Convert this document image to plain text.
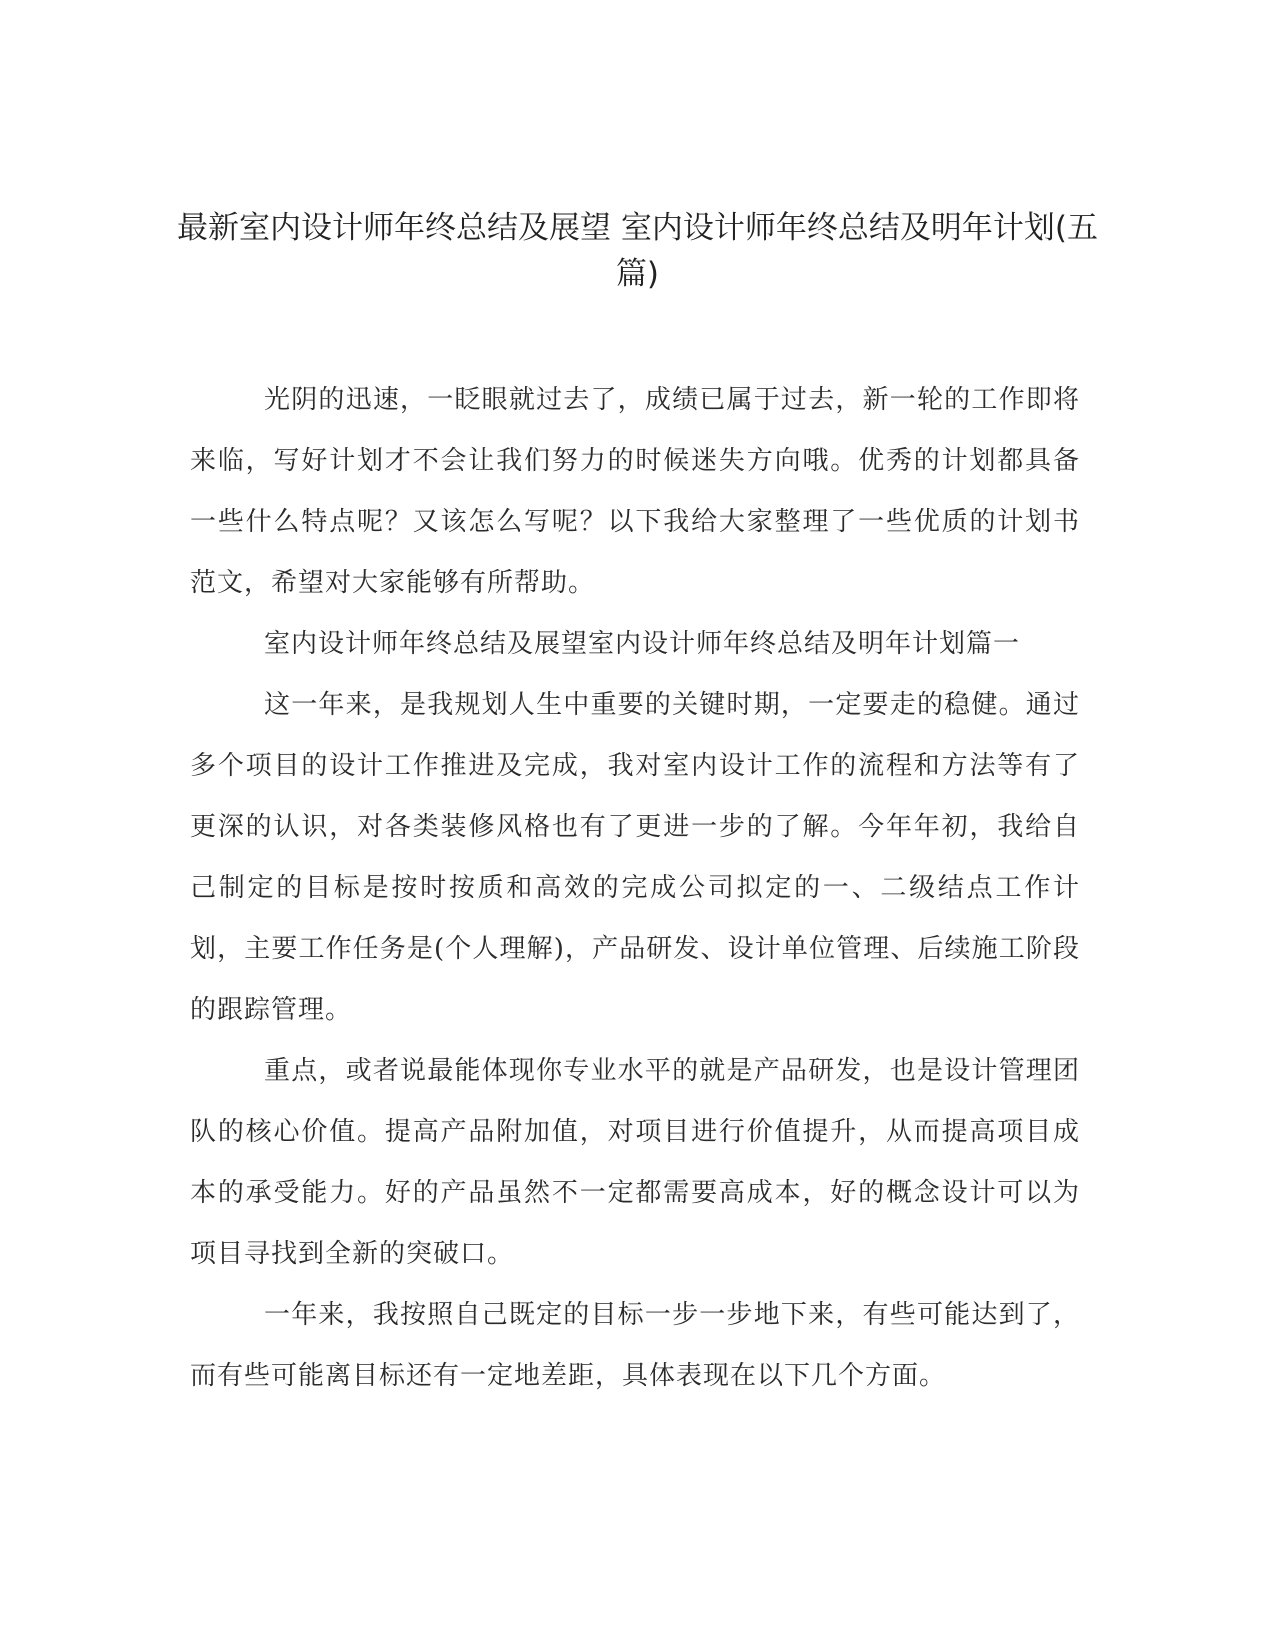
最新室内设计师年终总结及展望 室内设计师年终总结及明年计划(五篇)

光阴的迅速，一眨眼就过去了，成绩已属于过去，新一轮的工作即将来临，写好计划才不会让我们努力的时候迷失方向哦。优秀的计划都具备一些什么特点呢？又该怎么写呢？以下我给大家整理了一些优质的计划书范文，希望对大家能够有所帮助。

室内设计师年终总结及展望室内设计师年终总结及明年计划篇一

这一年来，是我规划人生中重要的关键时期，一定要走的稳健。通过多个项目的设计工作推进及完成，我对室内设计工作的流程和方法等有了更深的认识，对各类装修风格也有了更进一步的了解。今年年初，我给自己制定的目标是按时按质和高效的完成公司拟定的一、二级结点工作计划，主要工作任务是(个人理解)，产品研发、设计单位管理、后续施工阶段的跟踪管理。

重点，或者说最能体现你专业水平的就是产品研发，也是设计管理团队的核心价值。提高产品附加值，对项目进行价值提升，从而提高项目成本的承受能力。好的产品虽然不一定都需要高成本，好的概念设计可以为项目寻找到全新的突破口。

一年来，我按照自己既定的目标一步一步地下来，有些可能达到了，而有些可能离目标还有一定地差距，具体表现在以下几个方面。
